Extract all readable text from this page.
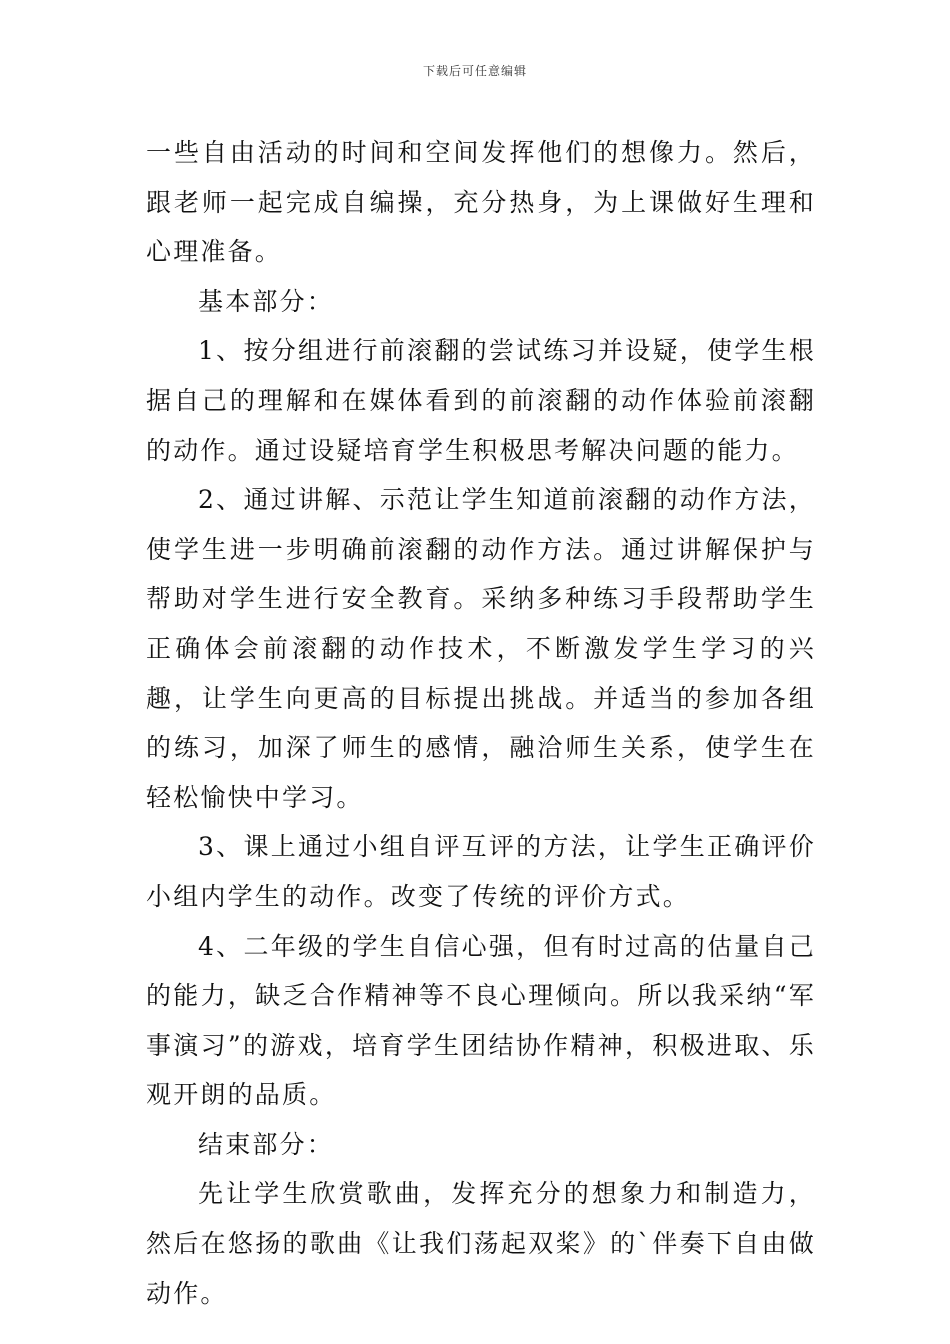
下载后可任意编辑

一些自由活动的时间和空间发挥他们的想像力。然后，跟老师一起完成自编操，充分热身，为上课做好生理和心理准备。

基本部分：

1、按分组进行前滚翻的尝试练习并设疑，使学生根据自己的理解和在媒体看到的前滚翻的动作体验前滚翻的动作。通过设疑培育学生积极思考解决问题的能力。

2、通过讲解、示范让学生知道前滚翻的动作方法，使学生进一步明确前滚翻的动作方法。通过讲解保护与帮助对学生进行安全教育。采纳多种练习手段帮助学生正确体会前滚翻的动作技术，不断激发学生学习的兴趣，让学生向更高的目标提出挑战。并适当的参加各组的练习，加深了师生的感情，融洽师生关系，使学生在轻松愉快中学习。

3、课上通过小组自评互评的方法，让学生正确评价小组内学生的动作。改变了传统的评价方式。

4、二年级的学生自信心强，但有时过高的估量自己的能力，缺乏合作精神等不良心理倾向。所以我采纳“军事演习”的游戏，培育学生团结协作精神，积极进取、乐观开朗的品质。

结束部分：

先让学生欣赏歌曲，发挥充分的想象力和制造力，然后在悠扬的歌曲《让我们荡起双桨》的`伴奏下自由做动作。
